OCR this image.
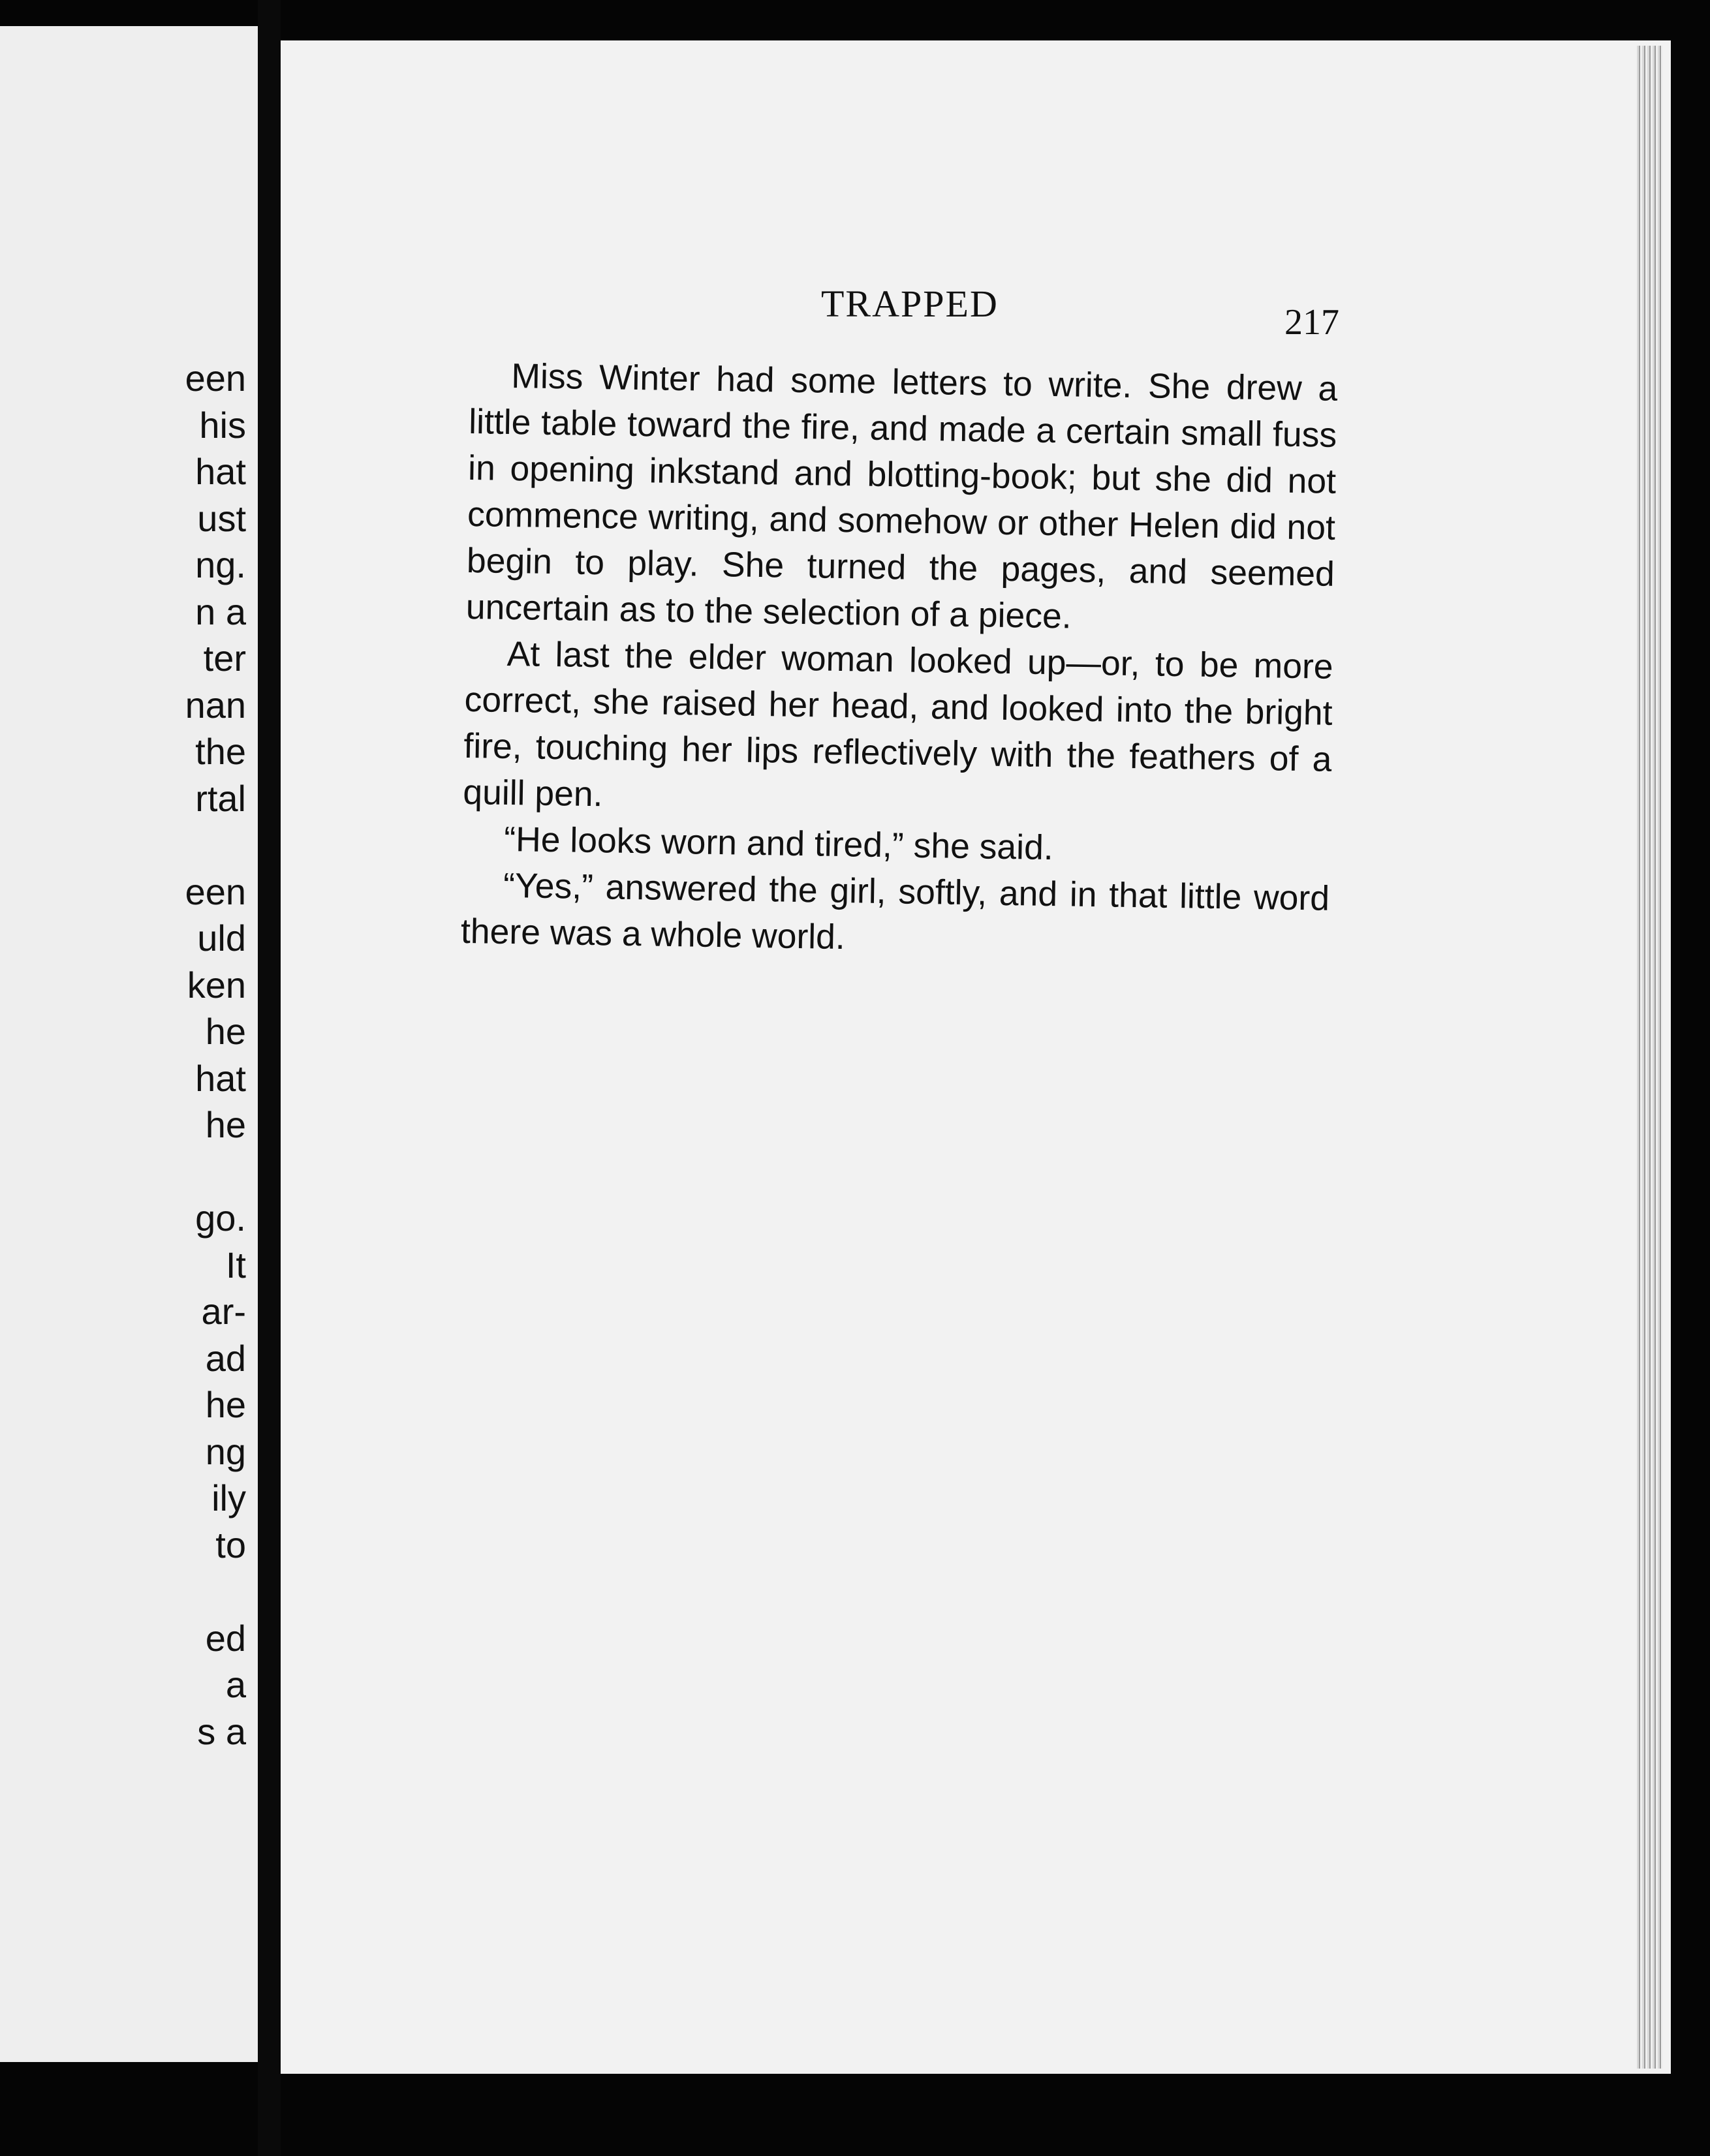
een
his
hat
ust
ng.
n a
ter
nan
the
rtal
een
uld
ken
he
hat
he
go.
It
ar-
ad
he
ng
ily
to
ed
a
s a
TRAPPED	217

Miss Winter had some letters to write. She drew a little table toward the fire, and made a certain small fuss in opening inkstand and blotting-book; but she did not commence writing, and somehow or other Helen did not begin to play. She turned the pages, and seemed uncertain as to the selection of a piece.

At last the elder woman looked up—or, to be more correct, she raised her head, and looked into the bright fire, touching her lips reflectively with the feathers of a quill pen.

“He looks worn and tired,” she said.

“Yes,” answered the girl, softly, and in that little word there was a whole world.
